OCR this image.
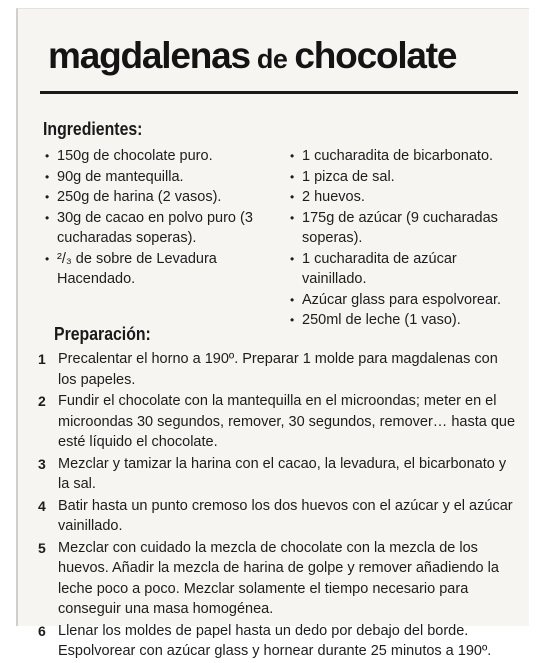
magdalenas de chocolate
Ingredientes:
• 150g de chocolate puro.
• 90g de mantequilla.
• 250g de harina (2 vasos).
• 30g de cacao en polvo puro (3 cucharadas soperas).
• ²/₃ de sobre de Levadura Hacendado.
• 1 cucharadita de bicarbonato.
• 1 pizca de sal.
• 2 huevos.
• 175g de azúcar (9 cucharadas soperas).
• 1 cucharadita de azúcar vainillado.
• Azúcar glass para espolvorear.
• 250ml de leche (1 vaso).
Preparación:
1 Precalentar el horno a 190º. Preparar 1 molde para magdalenas con los papeles.
2 Fundir el chocolate con la mantequilla en el microondas; meter en el microondas 30 segundos, remover, 30 segundos, remover… hasta que esté líquido el chocolate.
3 Mezclar y tamizar la harina con el cacao, la levadura, el bicarbonato y la sal.
4 Batir hasta un punto cremoso los dos huevos con el azúcar y el azúcar vainillado.
5 Mezclar con cuidado la mezcla de chocolate con la mezcla de los huevos. Añadir la mezcla de harina de golpe y remover añadiendo la leche poco a poco. Mezclar solamente el tiempo necesario para conseguir una masa homogénea.
6 Llenar los moldes de papel hasta un dedo por debajo del borde. Espolvorear con azúcar glass y hornear durante 25 minutos a 190º.
